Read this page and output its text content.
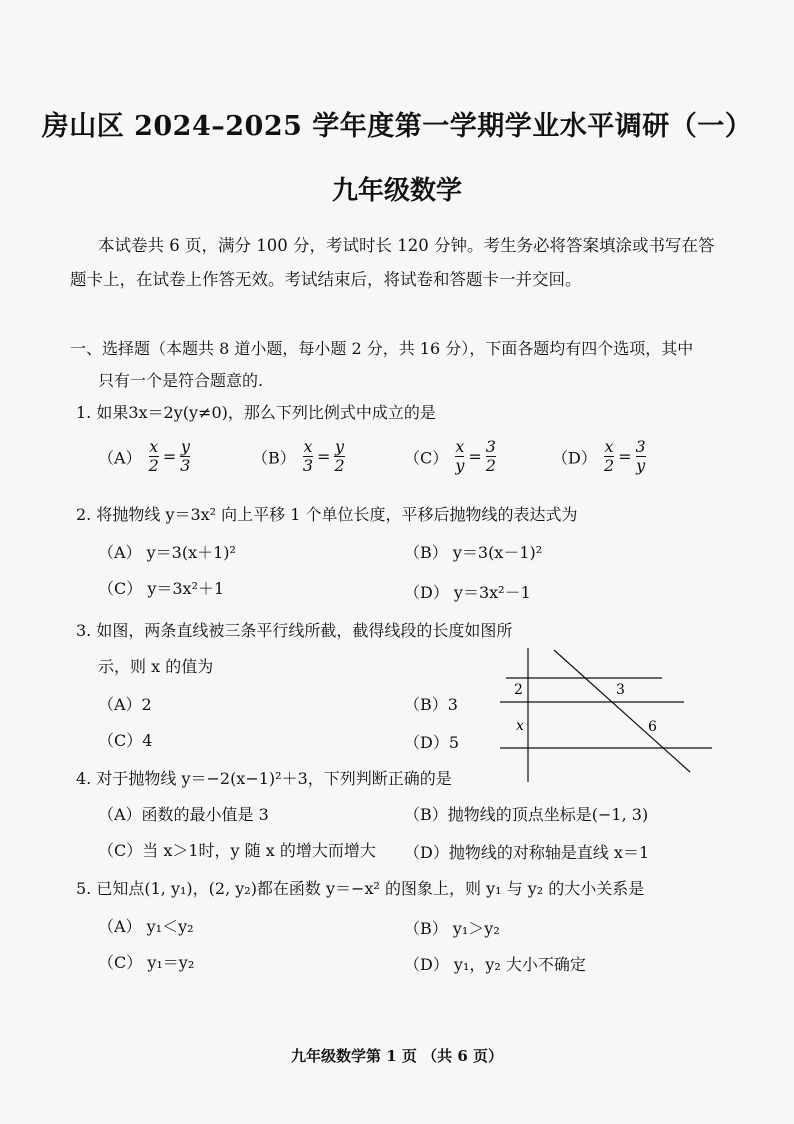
房山区 2024–2025 学年度第一学期学业水平调研（一）
九年级数学
本试卷共 6 页，满分 100 分，考试时长 120 分钟。考生务必将答案填涂或书写在答
题卡上，在试卷上作答无效。考试结束后，将试卷和答题卡一并交回。
一、选择题（本题共 8 道小题，每小题 2 分，共 16 分），下面各题均有四个选项，其中
只有一个是符合题意的.
1. 如果3x＝2y(y≠0)，那么下列比例式中成立的是
$(A) \frac{x}{2} = \frac{y}{3}$	$(B) \frac{x}{3} = \frac{y}{2}$	$(C) \frac{x}{y} = \frac{3}{2}$	$(D) \frac{x}{2} = \frac{3}{y}$
2. 将抛物线 y＝3x² 向上平移 1 个单位长度，平移后抛物线的表达式为
（A） y＝3(x＋1)²	（B） y＝3(x－1)²
（C） y＝3x²＋1	（D） y＝3x²－1
3. 如图，两条直线被三条平行线所截，截得线段的长度如图所
示，则 x 的值为
（A）2	（B）3
（C）4	（D）5
2	3
x	6
4. 对于抛物线 y＝−2(x−1)²＋3，下列判断正确的是
（A）函数的最小值是 3	（B）抛物线的顶点坐标是(−1, 3)
（C）当 x＞1时，y 随 x 的增大而增大 （D）抛物线的对称轴是直线 x＝1
5. 已知点(1, y₁)，(2, y₂)都在函数 y＝−x² 的图象上，则 y₁ 与 y₂ 的大小关系是
（A） y₁＜y₂	（B） y₁＞y₂
（C） y₁＝y₂	（D） y₁，y₂ 大小不确定
九年级数学第 1 页 （共 6 页）
